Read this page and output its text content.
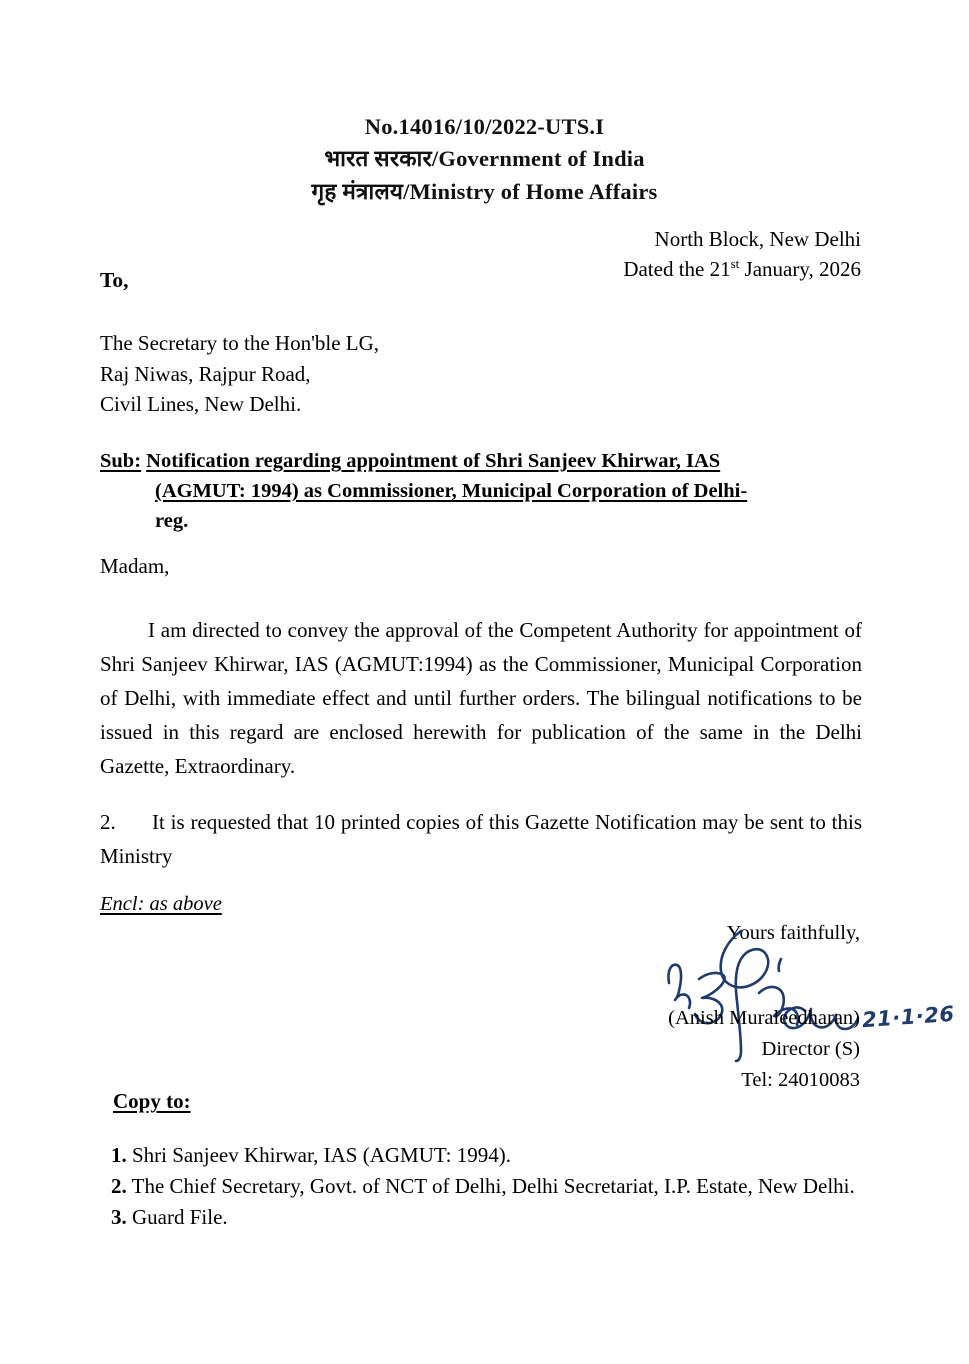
No.14016/10/2022-UTS.I
भारत सरकार/Government of India
गृह मंत्रालय/Ministry of Home Affairs
North Block, New Delhi
Dated the 21st January, 2026
To,
The Secretary to the Hon'ble LG,
Raj Niwas, Rajpur Road,
Civil Lines, New Delhi.
Sub: Notification regarding appointment of Shri Sanjeev Khirwar, IAS
(AGMUT: 1994) as Commissioner, Municipal Corporation of Delhi-
reg.
Madam,
I am directed to convey the approval of the Competent Authority for appointment of Shri Sanjeev Khirwar, IAS (AGMUT:1994) as the Commissioner, Municipal Corporation of Delhi, with immediate effect and until further orders. The bilingual notifications to be issued in this regard are enclosed herewith for publication of the same in the Delhi Gazette, Extraordinary.
2. It is requested that 10 printed copies of this Gazette Notification may be sent to this Ministry
Encl: as above
Yours faithfully,
(Anish Muraleedharan)
Director (S)
Tel: 24010083
21·1·26
Copy to:
1. Shri Sanjeev Khirwar, IAS (AGMUT: 1994).
2. The Chief Secretary, Govt. of NCT of Delhi, Delhi Secretariat, I.P. Estate, New Delhi.
3. Guard File.
